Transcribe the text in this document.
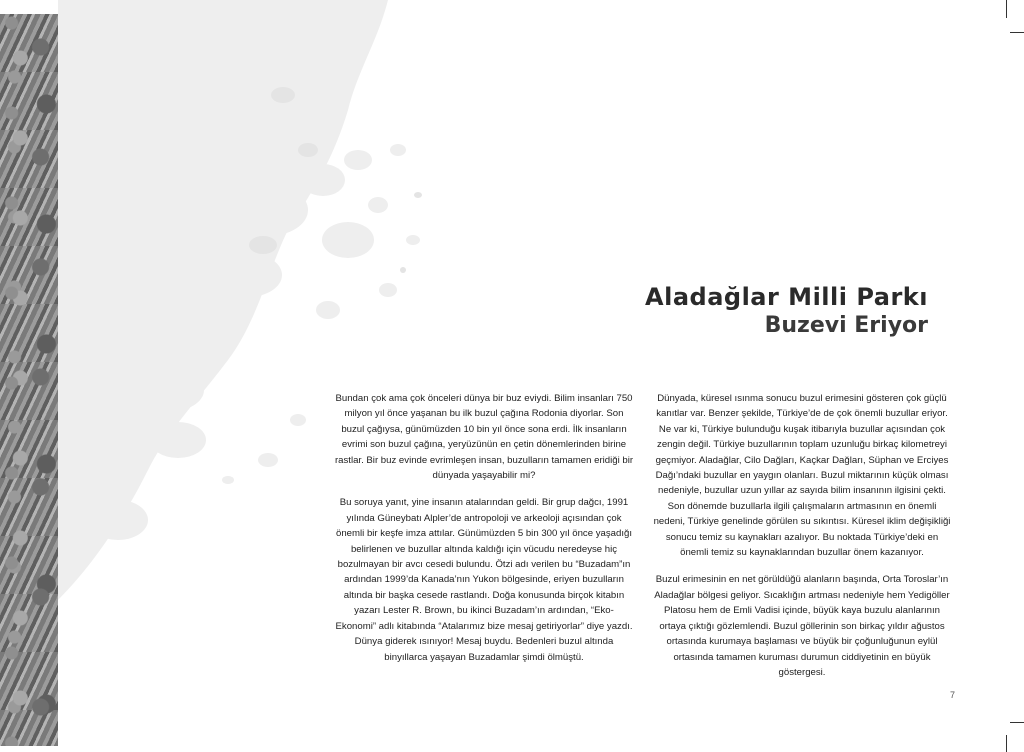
Aladağlar Milli Parkı
Buzevi Eriyor

Bundan çok ama çok önceleri dünya bir buz eviydi. Bilim insanları 750 milyon yıl önce yaşanan bu ilk buzul çağına Rodonia diyorlar. Son buzul çağıysa, günümüzden 10 bin yıl önce sona erdi. İlk insanların evrimi son buzul çağına, yeryüzünün en çetin dönemlerinden birine rastlar. Bir buz evinde evrimleşen insan, buzulların tamamen eridiği bir dünyada yaşayabilir mi?

Bu soruya yanıt, yine insanın atalarından geldi. Bir grup dağcı, 1991 yılında Güneybatı Alpler’de antropoloji ve arkeoloji açısından çok önemli bir keşfe imza attılar. Günümüzden 5 bin 300 yıl önce yaşadığı belirlenen ve buzullar altında kaldığı için vücudu neredeyse hiç bozulmayan bir avcı cesedi bulundu. Ötzi adı verilen bu “Buzadam”ın ardından 1999’da Kanada’nın Yukon bölgesinde, eriyen buzulların altında bir başka cesede rastlandı. Doğa konusunda birçok kitabın yazarı Lester R. Brown, bu ikinci Buzadam’ın ardından, “Eko-Ekonomi” adlı kitabında “Atalarımız bize mesaj getiriyorlar” diye yazdı. Dünya giderek ısınıyor! Mesaj buydu. Bedenleri buzul altında binyıllarca yaşayan Buzadamlar şimdi ölmüştü.

Dünyada, küresel ısınma sonucu buzul erimesini gösteren çok güçlü kanıtlar var. Benzer şekilde, Türkiye’de de çok önemli buzullar eriyor. Ne var ki, Türkiye bulunduğu kuşak itibarıyla buzullar açısından çok zengin değil. Türkiye buzullarının toplam uzunluğu birkaç kilometreyi geçmiyor. Aladağlar, Cilo Dağları, Kaçkar Dağları, Süphan ve Erciyes Dağı’ndaki buzullar en yaygın olanları. Buzul miktarının küçük olması nedeniyle, buzullar uzun yıllar az sayıda bilim insanının ilgisini çekti. Son dönemde buzullarla ilgili çalışmaların artmasının en önemli nedeni, Türkiye genelinde görülen su sıkıntısı. Küresel iklim değişikliği sonucu temiz su kaynakları azalıyor. Bu noktada Türkiye’deki en önemli temiz su kaynaklarından buzullar önem kazanıyor.

Buzul erimesinin en net görüldüğü alanların başında, Orta Toroslar’ın Aladağlar bölgesi geliyor. Sıcaklığın artması nedeniyle hem Yedigöller Platosu hem de Emli Vadisi içinde, büyük kaya buzulu alanlarının ortaya çıktığı gözlemlendi. Buzul göllerinin son birkaç yıldır ağustos ortasında kurumaya başlaması ve büyük bir çoğunluğunun eylül ortasında tamamen kuruması durumun ciddiyetinin en büyük göstergesi.

7
